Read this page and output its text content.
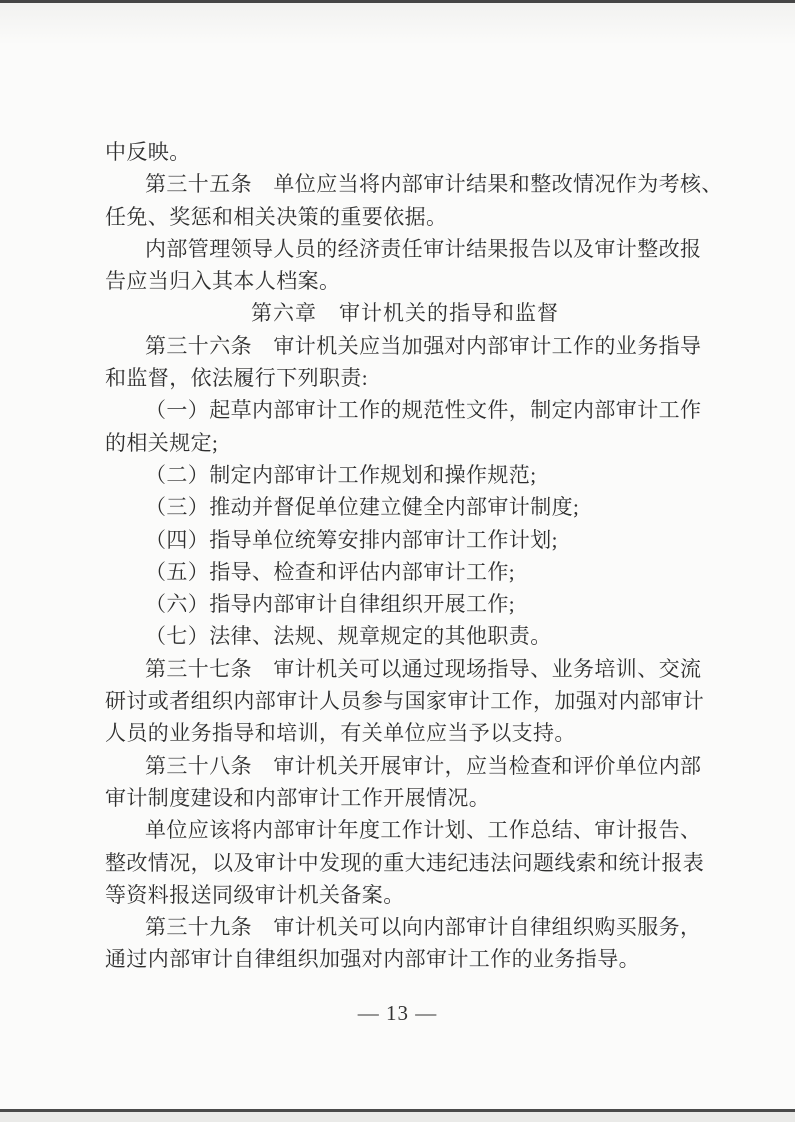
中反映。
第三十五条　单位应当将内部审计结果和整改情况作为考核、
任免、奖惩和相关决策的重要依据。
内部管理领导人员的经济责任审计结果报告以及审计整改报
告应当归入其本人档案。
第六章　审计机关的指导和监督
第三十六条　审计机关应当加强对内部审计工作的业务指导
和监督，依法履行下列职责:
（一）起草内部审计工作的规范性文件，制定内部审计工作
的相关规定;
（二）制定内部审计工作规划和操作规范;
（三）推动并督促单位建立健全内部审计制度;
（四）指导单位统筹安排内部审计工作计划;
（五）指导、检查和评估内部审计工作;
（六）指导内部审计自律组织开展工作;
（七）法律、法规、规章规定的其他职责。
第三十七条　审计机关可以通过现场指导、业务培训、交流
研讨或者组织内部审计人员参与国家审计工作，加强对内部审计
人员的业务指导和培训，有关单位应当予以支持。
第三十八条　审计机关开展审计，应当检查和评价单位内部
审计制度建设和内部审计工作开展情况。
单位应该将内部审计年度工作计划、工作总结、审计报告、
整改情况，以及审计中发现的重大违纪违法问题线索和统计报表
等资料报送同级审计机关备案。
第三十九条　审计机关可以向内部审计自律组织购买服务，
通过内部审计自律组织加强对内部审计工作的业务指导。
— 13 —
